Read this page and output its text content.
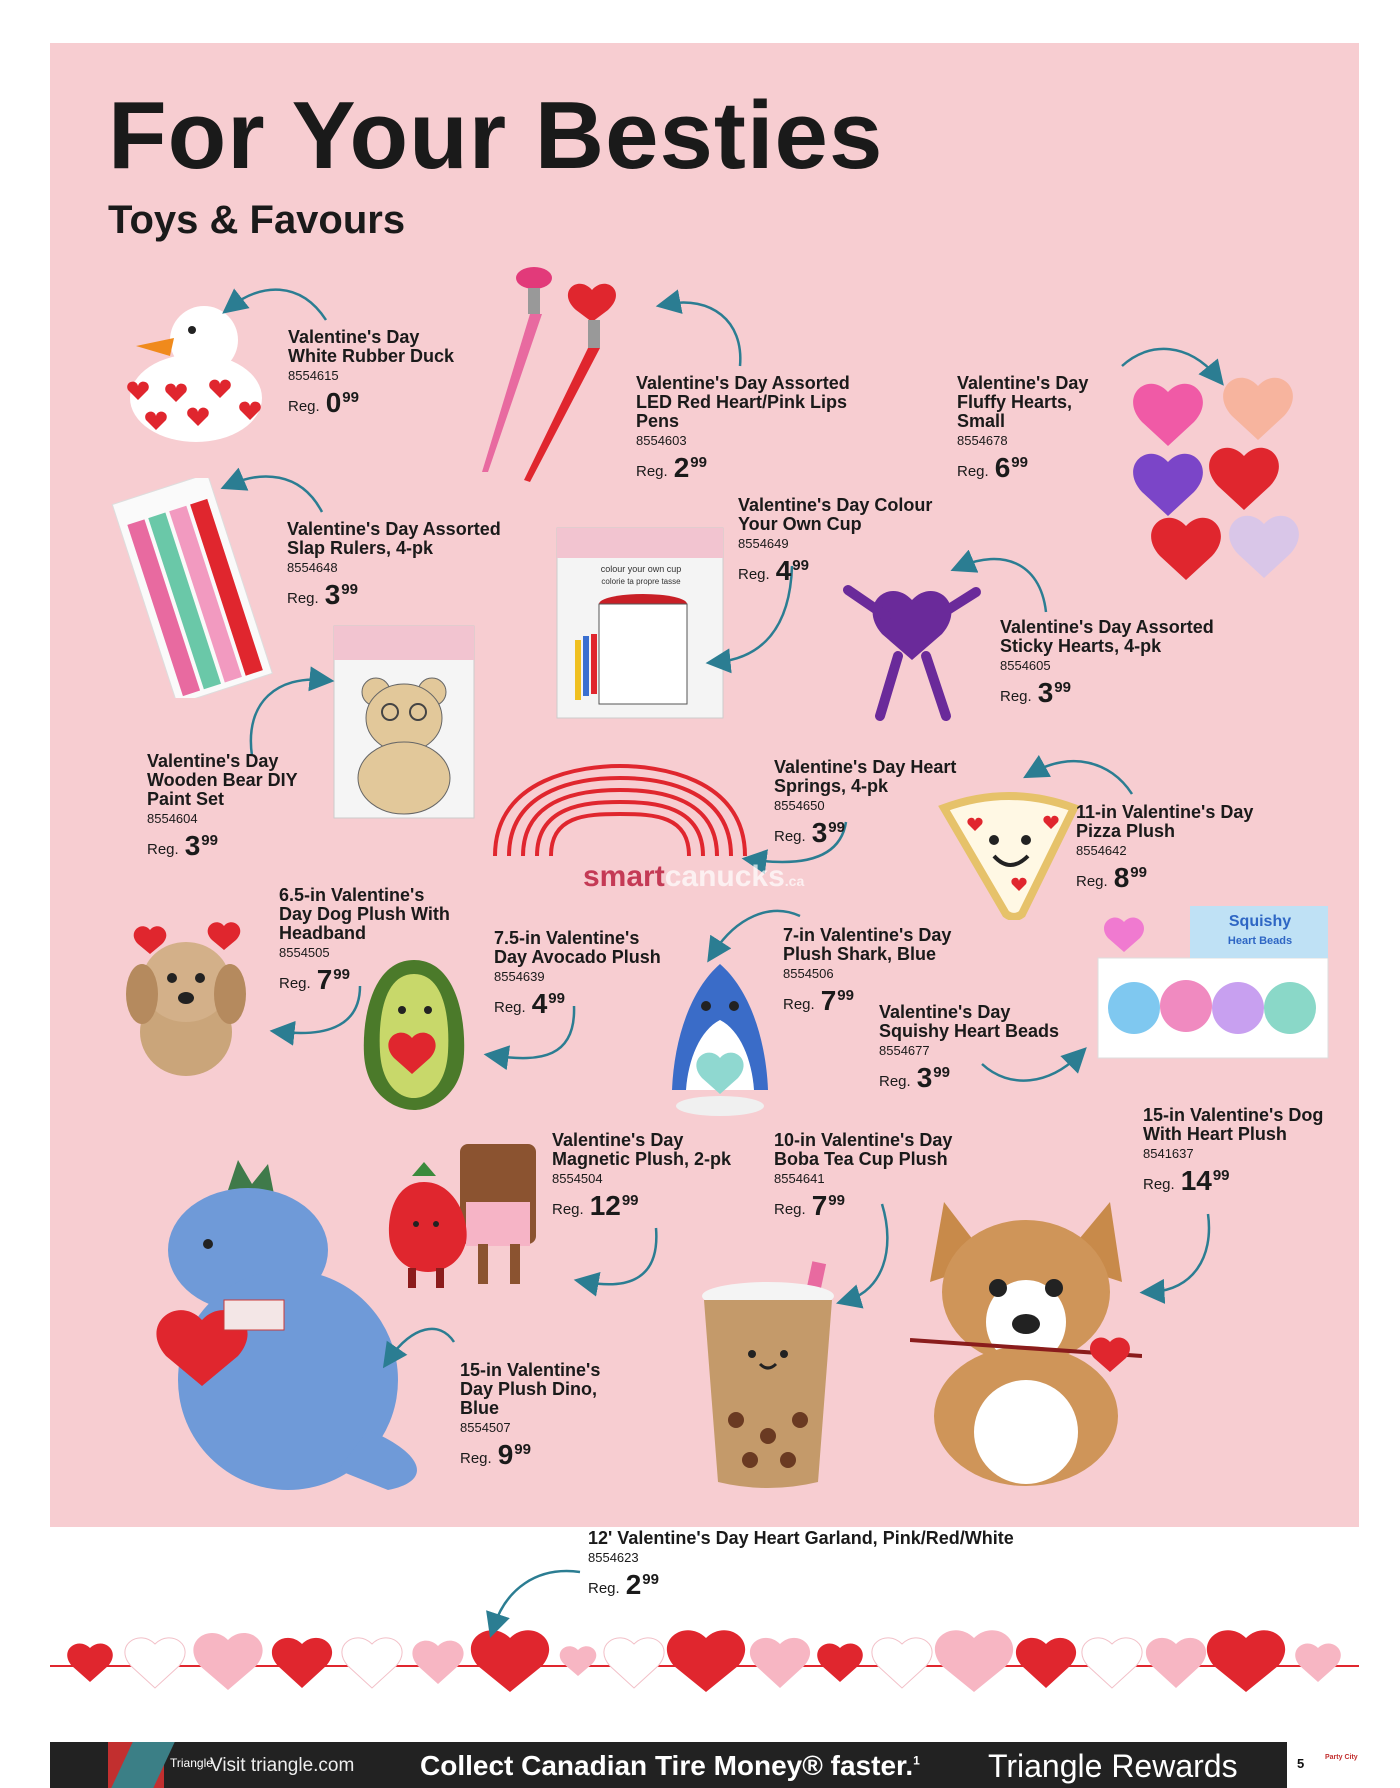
For Your Besties
Toys & Favours
colour your own cup
colorie ta propre tasse
Squishy
Heart Beads
Valentine's Day
White Rubber Duck
8554615
Reg. 0 99
Valentine's Day Assorted
LED Red Heart/Pink Lips
Pens
8554603
Reg. 2 99
Valentine's Day
Fluffy Hearts,
Small
8554678
Reg. 6 99
Valentine's Day Assorted
Slap Rulers, 4-pk
8554648
Reg. 3 99
Valentine's Day Colour
Your Own Cup
8554649
Reg. 4 99
Valentine's Day Assorted
Sticky Hearts, 4-pk
8554605
Reg. 3 99
Valentine's Day
Wooden Bear DIY
Paint Set
8554604
Reg. 3 99
Valentine's Day Heart
Springs, 4-pk
8554650
Reg. 3 99
11-in Valentine's Day
Pizza Plush
8554642
Reg. 8 99
6.5-in Valentine's
Day Dog Plush With
Headband
8554505
Reg. 7 99
7.5-in Valentine's
Day Avocado Plush
8554639
Reg. 4 99
7-in Valentine's Day
Plush Shark, Blue
8554506
Reg. 7 99
Valentine's Day
Squishy Heart Beads
8554677
Reg. 3 99
15-in Valentine's Dog
With Heart Plush
8541637
Reg. 14 99
Valentine's Day
Magnetic Plush, 2-pk
8554504
Reg. 12 99
10-in Valentine's Day
Boba Tea Cup Plush
8554641
Reg. 7 99
15-in Valentine's
Day Plush Dino,
Blue
8554507
Reg. 9 99
12' Valentine's Day Heart Garland, Pink/Red/White
8554623
Reg. 2 99
smartcanucks.ca
Triangle
Visit triangle.com Collect Canadian Tire Money® faster.$^1$ Triangle Rewards	5	Party City
